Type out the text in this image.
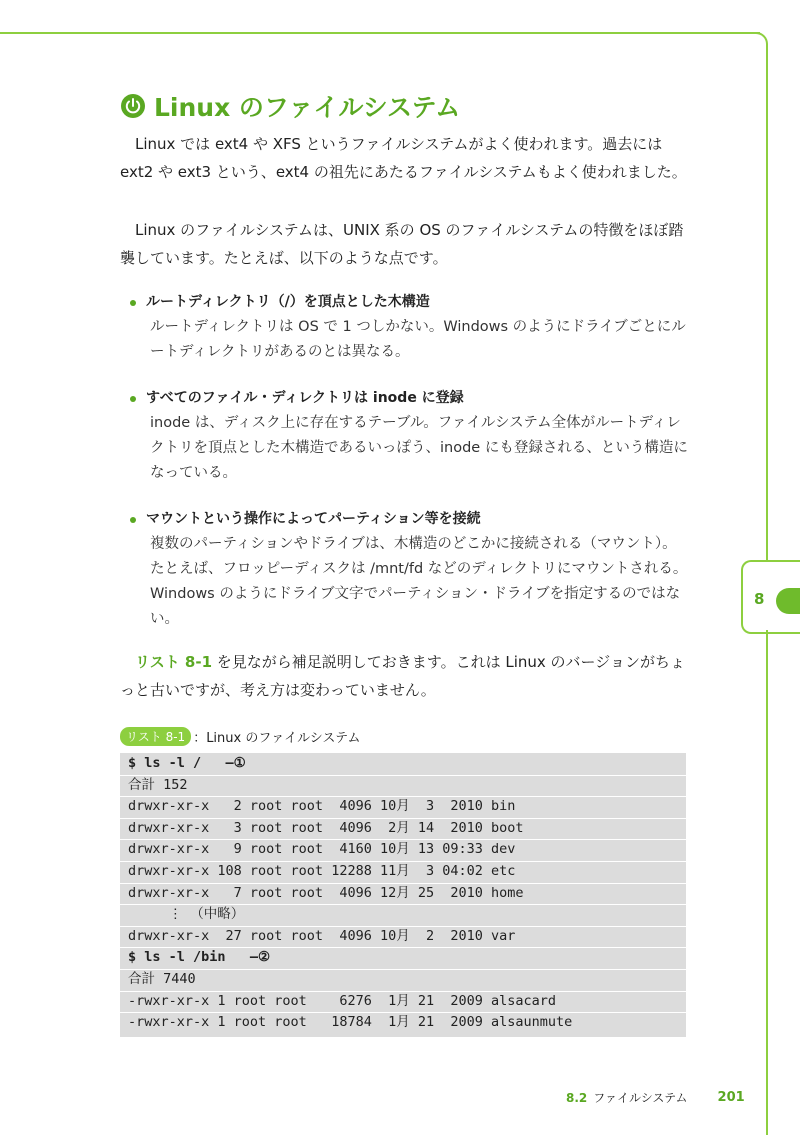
8
Linux のファイルシステム
Linux では ext4 や XFS というファイルシステムがよく使われます。過去には ext2 や ext3 という、ext4 の祖先にあたるファイルシステムもよく使われました。
Linux のファイルシステムは、UNIX 系の OS のファイルシステムの特徴をほぼ踏襲しています。たとえば、以下のような点です。
ルートディレクトリ（/）を頂点とした木構造
ルートディレクトリは OS で 1 つしかない。Windows のようにドライブごとにルートディレクトリがあるのとは異なる。
すべてのファイル・ディレクトリは inode に登録
inode は、ディスク上に存在するテーブル。ファイルシステム全体がルートディレクトリを頂点とした木構造であるいっぽう、inode にも登録される、という構造になっている。
マウントという操作によってパーティション等を接続
複数のパーティションやドライブは、木構造のどこかに接続される（マウント）。たとえば、フロッピーディスクは /mnt/fd などのディレクトリにマウントされる。Windows のようにドライブ文字でパーティション・ドライブを指定するのではない。
リスト 8-1 を見ながら補足説明しておきます。これは Linux のバージョンがちょっと古いですが、考え方は変わっていません。
リスト 8-1 ：Linux のファイルシステム
$ ls -l /   —①
合計 152
drwxr-xr-x   2 root root  4096 10月  3  2010 bin
drwxr-xr-x   3 root root  4096  2月 14  2010 boot
drwxr-xr-x   9 root root  4160 10月 13 09:33 dev
drwxr-xr-x 108 root root 12288 11月  3 04:02 etc
drwxr-xr-x   7 root root  4096 12月 25  2010 home
⋮ （中略）
drwxr-xr-x  27 root root  4096 10月  2  2010 var
$ ls -l /bin   —②
合計 7440
-rwxr-xr-x 1 root root    6276  1月 21  2009 alsacard
-rwxr-xr-x 1 root root   18784  1月 21  2009 alsaunmute
8.2 ファイルシステム 201
